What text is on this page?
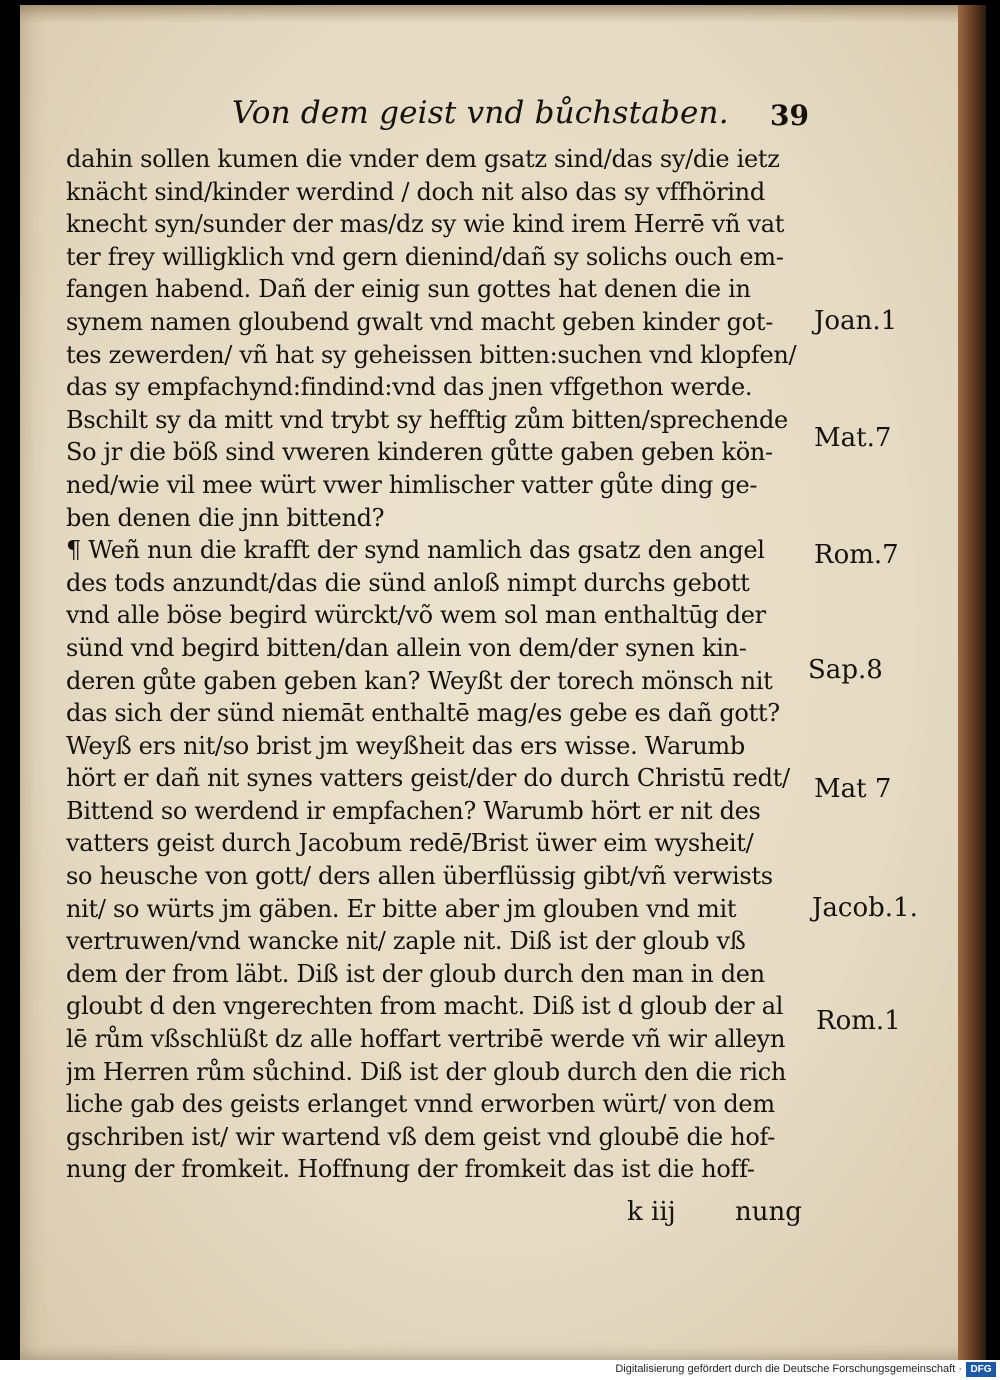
Von dem geist vnd bůchstaben. 39
dahin sollen kumen die vnder dem gsatz sind/das sy/die ietz
knächt sind/kinder werdind / doch nit also das sy vffhörind
knecht syn/sunder der mas/dz sy wie kind irem Herrē vñ vat
ter frey willigklich vnd gern dienind/dañ sy solichs ouch em-
fangen habend. Dañ der einig sun gottes hat denen die in
synem namen gloubend gwalt vnd macht geben kinder got-
tes zewerden/ vñ hat sy geheissen bitten:suchen vnd klopfen/
das sy empfachynd:findind:vnd das jnen vffgethon werde.
Bschilt sy da mitt vnd trybt sy hefftig zům bitten/sprechende
So jr die böß sind vweren kinderen gůtte gaben geben kön-
ned/wie vil mee würt vwer himlischer vatter gůte ding ge-
ben denen die jnn bittend?
¶ Weñ nun die krafft der synd namlich das gsatz den angel
des tods anzundt/das die sünd anloß nimpt durchs gebott
vnd alle böse begird würckt/võ wem sol man enthaltūg der
sünd vnd begird bitten/dan allein von dem/der synen kin-
deren gůte gaben geben kan? Weyßt der torech mönsch nit
das sich der sünd niemāt enthaltē mag/es gebe es dañ gott?
Weyß ers nit/so brist jm weyßheit das ers wisse. Warumb
hört er dañ nit synes vatters geist/der do durch Christū redt/
Bittend so werdend ir empfachen? Warumb hört er nit des
vatters geist durch Jacobum redē/Brist üwer eim wysheit/
so heusche von gott/ ders allen überflüssig gibt/vñ verwists
nit/ so würts jm gäben. Er bitte aber jm glouben vnd mit
vertruwen/vnd wancke nit/ zaple nit. Diß ist der gloub vß
dem der from läbt. Diß ist der gloub durch den man in den
gloubt d den vngerechten from macht. Diß ist d gloub der al
lē rům vßschlüßt dz alle hoffart vertribē werde vñ wir alleyn
jm Herren rům sůchind. Diß ist der gloub durch den die rich
liche gab des geists erlanget vnnd erworben würt/ von dem
gschriben ist/ wir wartend vß dem geist vnd gloubē die hof-
nung der fromkeit. Hoffnung der fromkeit das ist die hoff-
Joan.1
Mat.7
Rom.7
Sap.8
Mat 7
Jacob.1.
Rom.1
k iij nung
Digitalisierung gefördert durch die Deutsche Forschungsgemeinschaft · DFG
